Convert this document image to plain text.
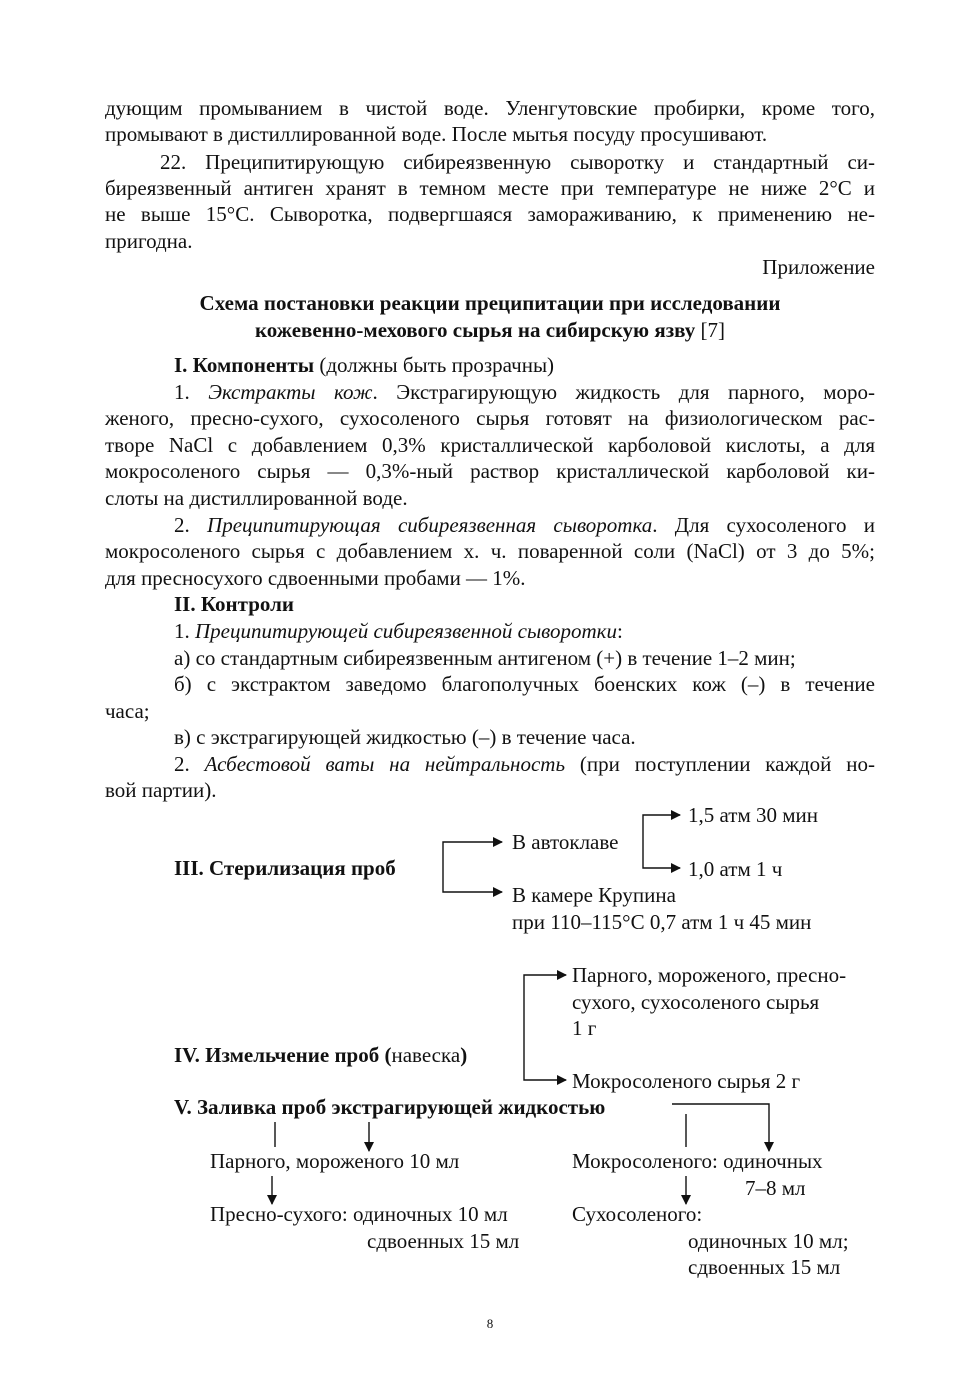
дующим промыванием в чистой воде. Уленгутовские пробирки, кроме того,
промывают в дистиллированной воде. После мытья посуду просушивают.
22. Преципитирующую сибиреязвенную сыворотку и стандартный си-
биреязвенный антиген хранят в темном месте при температуре не ниже 2°С и
не выше 15°С. Сыворотка, подвергшаяся замораживанию, к применению не-
пригодна.
Приложение
Схема постановки реакции преципитации при исследовании
кожевенно-мехового сырья на сибирскую язву [7]
I. Компоненты (должны быть прозрачны)
1. Экстракты кож. Экстрагирующую жидкость для парного, моро-
женого, пресно-сухого, сухосоленого сырья готовят на физиологическом рас-
творе NaCl с добавлением 0,3% кристаллической карболовой кислоты, а для
мокросоленого сырья — 0,3%-ный раствор кристаллической карболовой ки-
слоты на дистиллированной воде.
2. Преципитирующая сибиреязвенная сыворотка. Для сухосоленого и
мокросоленого сырья с добавлением х. ч. поваренной соли (NaCl) от 3 до 5%;
для пресносухого сдвоенными пробами — 1%.
II. Контроли
1. Преципитирующей сибиреязвенной сыворотки:
а) со стандартным сибиреязвенным антигеном (+) в течение 1–2 мин;
б) с экстрактом заведомо благополучных боенских кож (–) в течение
часа;
в) с экстрагирующей жидкостью (–) в течение часа.
2. Асбестовой ваты на нейтральность (при поступлении каждой но-
вой партии).
III. Стерилизация проб
В автоклаве
1,5 атм 30 мин
1,0 атм 1 ч
В камере Крупина
при 110–115°С 0,7 атм 1 ч 45 мин
IV. Измельчение проб (навеска)
Парного, мороженого, пресно-
сухого, сухосоленого сырья
1 г
Мокросоленого сырья 2 г
V. Заливка проб экстрагирующей жидкостью
Парного, мороженого 10 мл
Пресно-сухого: одиночных 10 мл
сдвоенных 15 мл
Мокросоленого: одиночных
7–8 мл
Сухосоленого:
одиночных 10 мл;
сдвоенных 15 мл
8
